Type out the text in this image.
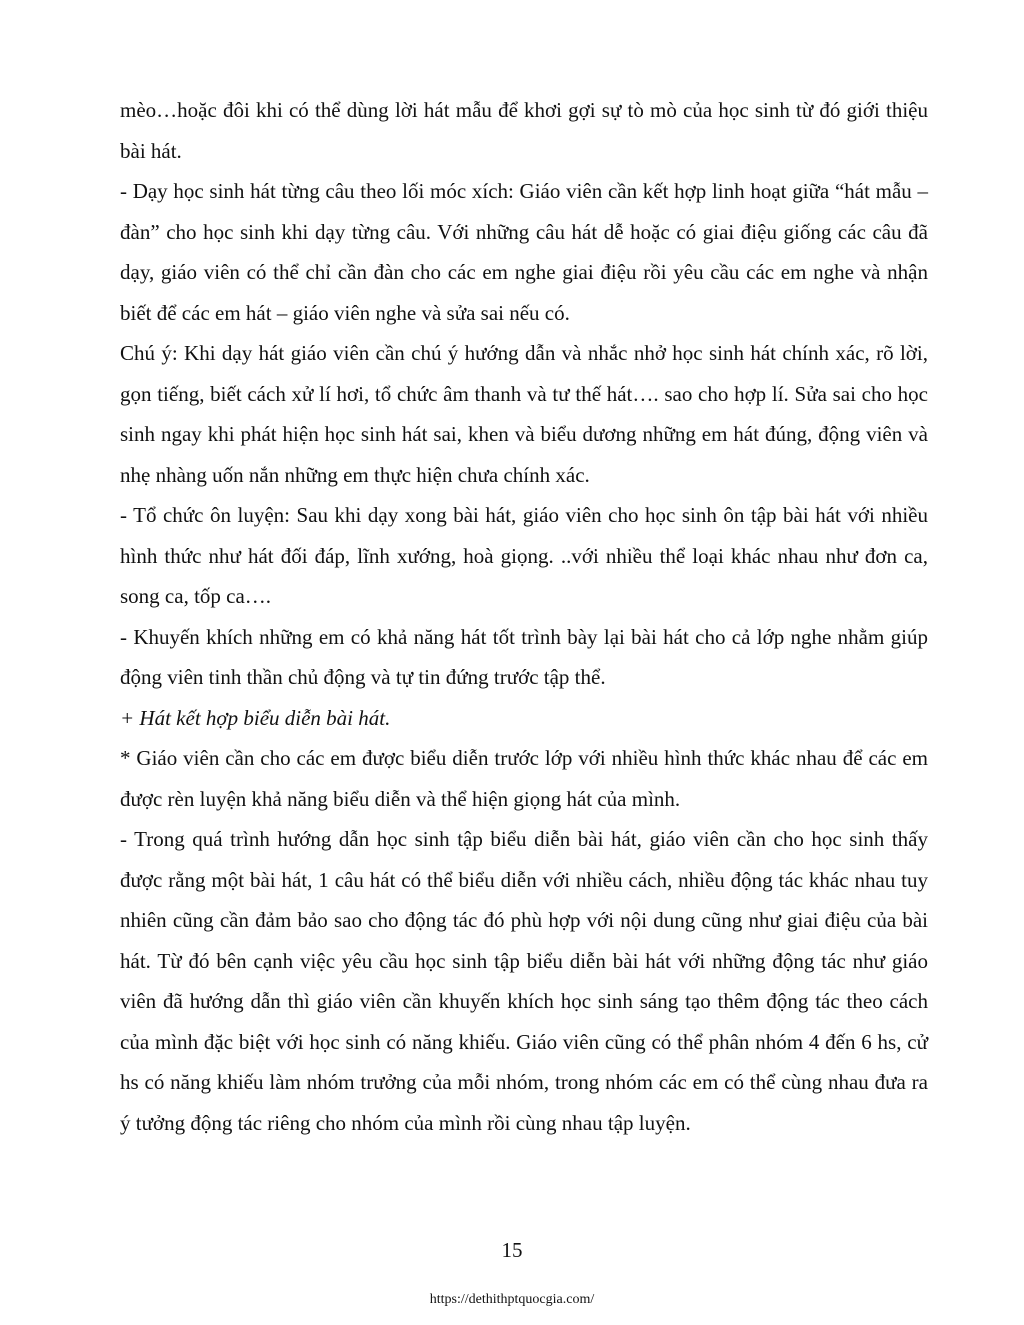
mèo…hoặc đôi khi có thể dùng lời hát mẫu để khơi gợi sự tò mò của học sinh từ đó giới thiệu bài hát.

- Dạy học sinh hát từng câu theo lối móc xích: Giáo viên cần kết hợp linh hoạt giữa “hát mẫu – đàn” cho học sinh khi dạy từng câu. Với những câu hát dễ hoặc có giai điệu giống các câu đã dạy, giáo viên có thể chỉ cần đàn cho các em nghe giai điệu rồi yêu cầu các em nghe và nhận biết để các em hát – giáo viên nghe và sửa sai nếu có.

Chú ý: Khi dạy hát giáo viên cần chú ý hướng dẫn và nhắc nhở học sinh hát chính xác, rõ lời, gọn tiếng, biết cách xử lí hơi, tổ chức âm thanh và tư thế hát…. sao cho hợp lí. Sửa sai cho học sinh ngay khi phát hiện học sinh hát sai, khen và biểu dương những em hát đúng, động viên và nhẹ nhàng uốn nắn những em thực hiện chưa chính xác.

- Tổ chức ôn luyện: Sau khi dạy xong bài hát, giáo viên cho học sinh ôn tập bài hát với nhiều hình thức như hát đối đáp, lĩnh xướng, hoà giọng. ..với nhiều thể loại khác nhau như đơn ca, song ca, tốp ca….

- Khuyến khích những em có khả năng hát tốt trình bày lại bài hát cho cả lớp nghe nhằm giúp động viên tinh thần chủ động và tự tin đứng trước tập thể.

+ Hát kết hợp biểu diễn bài hát.

* Giáo viên cần cho các em được biểu diễn trước lớp với nhiều hình thức khác nhau để các em được rèn luyện khả năng biểu diễn và thể hiện giọng hát của mình.

- Trong quá trình hướng dẫn học sinh tập biểu diễn bài hát, giáo viên cần cho học sinh thấy được rằng một bài hát, 1 câu hát có thể biểu diễn với nhiều cách, nhiều động tác khác nhau tuy nhiên cũng cần đảm bảo sao cho động tác đó phù hợp với nội dung cũng như giai điệu của bài hát. Từ đó bên cạnh việc yêu cầu học sinh tập biểu diễn bài hát với những động tác như giáo viên đã hướng dẫn thì giáo viên cần khuyến khích học sinh sáng tạo thêm động tác theo cách của mình đặc biệt với học sinh có năng khiếu. Giáo viên cũng có thể phân nhóm 4 đến 6 hs, cử hs có năng khiếu làm nhóm trưởng của mỗi nhóm, trong nhóm các em có thể cùng nhau đưa ra ý tưởng động tác riêng cho nhóm của mình rồi cùng nhau tập luyện.

15
https://dethithptquocgia.com/
